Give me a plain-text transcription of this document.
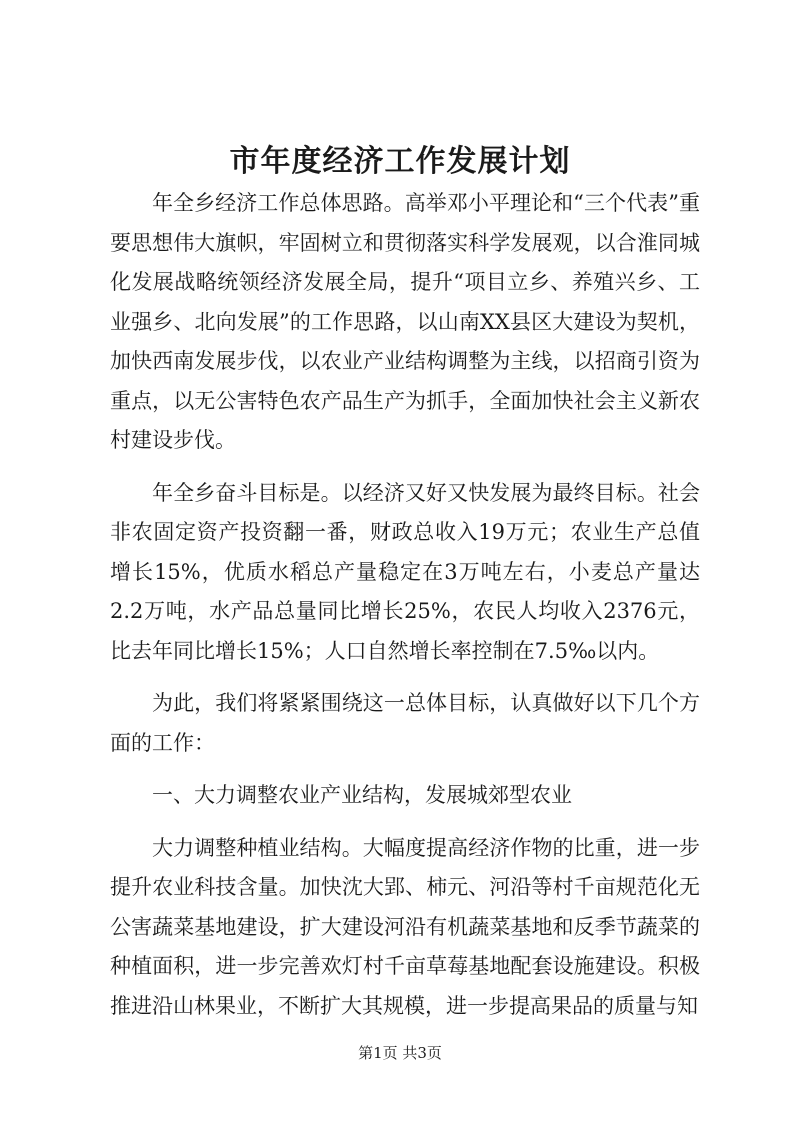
市年度经济工作发展计划

年全乡经济工作总体思路。高举邓小平理论和“三个代表”重要思想伟大旗帜，牢固树立和贯彻落实科学发展观，以合淮同城化发展战略统领经济发展全局，提升“项目立乡、养殖兴乡、工业强乡、北向发展”的工作思路，以山南XX县区大建设为契机，加快西南发展步伐，以农业产业结构调整为主线，以招商引资为重点，以无公害特色农产品生产为抓手，全面加快社会主义新农村建设步伐。

年全乡奋斗目标是。以经济又好又快发展为最终目标。社会非农固定资产投资翻一番，财政总收入19万元；农业生产总值增长15%，优质水稻总产量稳定在3万吨左右，小麦总产量达2.2万吨，水产品总量同比增长25%，农民人均收入2376元，比去年同比增长15%；人口自然增长率控制在7.5‰以内。

为此，我们将紧紧围绕这一总体目标，认真做好以下几个方面的工作：

一、大力调整农业产业结构，发展城郊型农业

大力调整种植业结构。大幅度提高经济作物的比重，进一步提升农业科技含量。加快沈大郢、柿元、河沿等村千亩规范化无公害蔬菜基地建设，扩大建设河沿有机蔬菜基地和反季节蔬菜的种植面积，进一步完善欢灯村千亩草莓基地配套设施建设。积极推进沿山林果业，不断扩大其规模，进一步提高果品的质量与知

第1页 共3页
